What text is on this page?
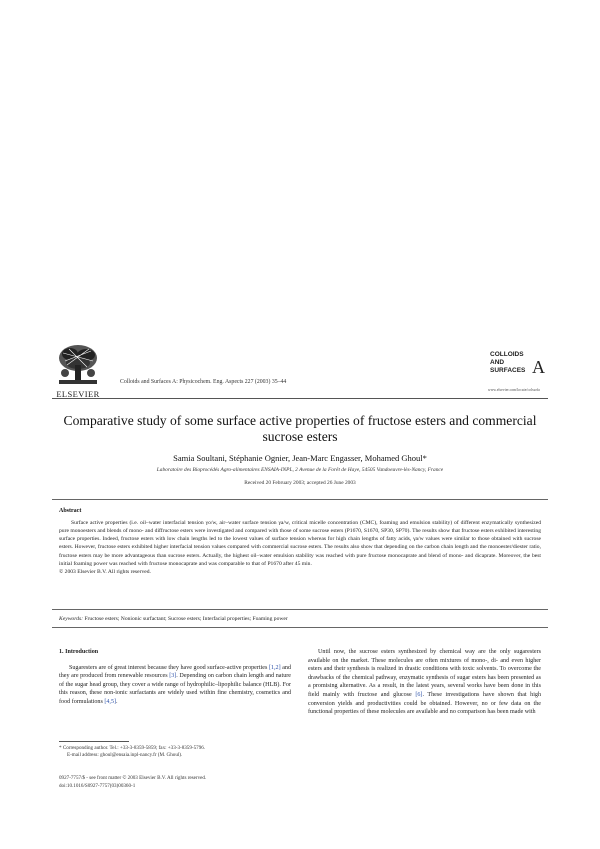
ELSEVIER
Colloids and Surfaces A: Physicochem. Eng. Aspects 227 (2003) 35–44
COLLOIDS
AND
SURFACES A
www.elsevier.com/locate/colsurfa
Comparative study of some surface active properties of fructose esters and commercial sucrose esters
Samia Soultani, Stéphanie Ognier, Jean-Marc Engasser, Mohamed Ghoul*
Laboratoire des Bioprocédés Agro-alimentaires ENSAIA-INPL, 2 Avenue de la Forêt de Haye, 54505 Vandoeuvre-lès-Nancy, France
Received 20 February 2003; accepted 26 June 2003
Abstract

Surface active properties (i.e. oil–water interfacial tension γo/w, air–water surface tension γa/w, critical micelle concentration (CMC), foaming and emulsion stability) of different enzymatically synthesized pure monoesters and blends of mono- and diffructose esters were investigated and compared with those of some sucrose esters (P1670, S1670, SP30, SP70). The results show that fructose esters exhibited interesting surface properties. Indeed, fructose esters with low chain lengths led to the lowest values of surface tension whereas for high chain lengths of fatty acids, γa/w values were similar to those obtained with sucrose esters. However, fructose esters exhibited higher interfacial tension values compared with commercial sucrose esters. The results also show that depending on the carbon chain length and the monoester/diester ratio, fructose esters may be more advantageous than sucrose esters. Actually, the highest oil–water emulsion stability was reached with pure fructose monocaprate and blend of mono- and dicaprate. Moreover, the best initial foaming power was reached with fructose monocaprate and was comparable to that of P1670 after 45 min.

© 2003 Elsevier B.V. All rights reserved.

Keywords: Fructose esters; Nonionic surfactant; Sucrose esters; Interfacial properties; Foaming power

1. Introduction

Sugaresters are of great interest because they have good surface-active properties [1,2] and they are produced from renewable resources [3]. Depending on carbon chain length and nature of the sugar head group, they cover a wide range of hydrophilic–lipophilic balance (HLB). For this reason, these non-ionic surfactants are widely used within fine chemistry, cosmetics and food formulations [4,5].

* Corresponding author. Tel.: +33-3-8359-5859; fax: +33-3-8359-5796.

E-mail address: ghoul@ensaia.inpl-nancy.fr (M. Ghoul).

0927-7757/$ - see front matter © 2003 Elsevier B.V. All rights reserved.

doi:10.1016/S0927-7757(03)00360-1

Until now, the sucrose esters synthesized by chemical way are the only sugaresters available on the market. These molecules are often mixtures of mono-, di- and even higher esters and their synthesis is realized in drastic conditions with toxic solvents. To overcome the drawbacks of the chemical pathway, enzymatic synthesis of sugar esters has been presented as a promising alternative. As a result, in the latest years, several works have been done in this field mainly with fructose and glucose [6]. These investigations have shown that high conversion yields and productivities could be obtained. However, no or few data on the functional properties of these molecules are available and no comparison has been made with
